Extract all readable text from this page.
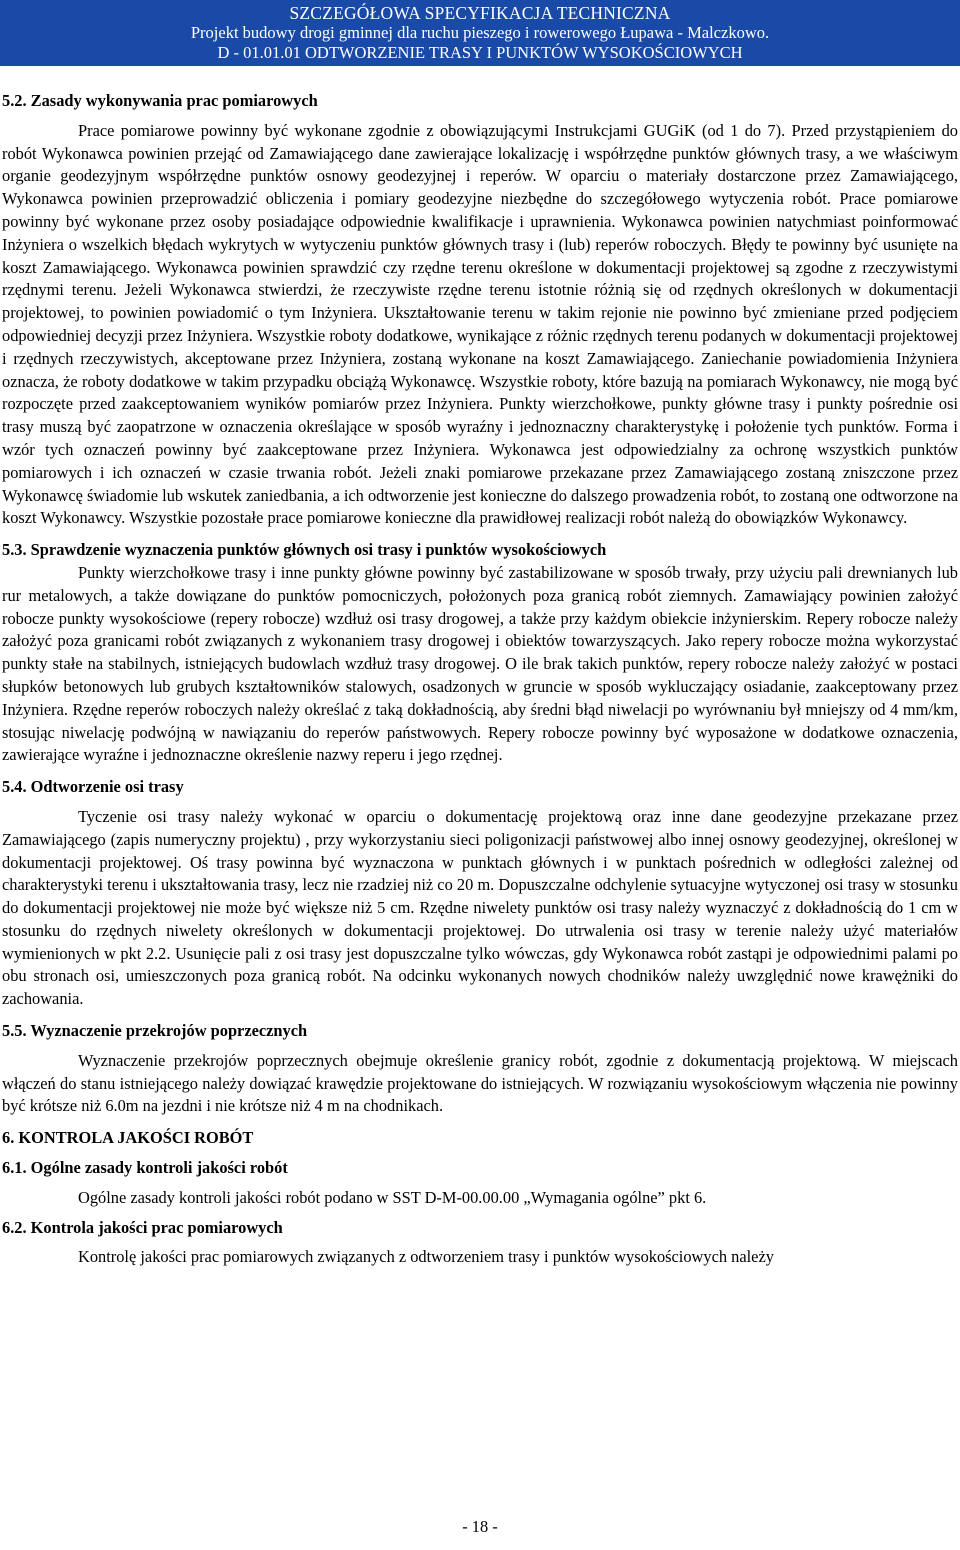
SZCZEGÓŁOWA SPECYFIKACJA TECHNICZNA
Projekt budowy drogi gminnej dla ruchu pieszego i rowerowego Łupawa - Malczkowo.
D - 01.01.01 ODTWORZENIE TRASY I PUNKTÓW WYSOKOŚCIOWYCH
5.2. Zasady wykonywania prac pomiarowych
Prace pomiarowe powinny być wykonane zgodnie z obowiązującymi Instrukcjami GUGiK (od 1 do 7). Przed przystąpieniem do robót Wykonawca powinien przejąć od Zamawiającego dane zawierające lokalizację i współrzędne punktów głównych trasy, a we właściwym organie geodezyjnym współrzędne punktów osnowy geodezyjnej i reperów. W oparciu o materiały dostarczone przez Zamawiającego, Wykonawca powinien przeprowadzić obliczenia i pomiary geodezyjne niezbędne do szczegółowego wytyczenia robót. Prace pomiarowe powinny być wykonane przez osoby posiadające odpowiednie kwalifikacje i uprawnienia. Wykonawca powinien natychmiast poinformować Inżyniera o wszelkich błędach wykrytych w wytyczeniu punktów głównych trasy i (lub) reperów roboczych. Błędy te powinny być usunięte na koszt Zamawiającego. Wykonawca powinien sprawdzić czy rzędne terenu określone w dokumentacji projektowej są zgodne z rzeczywistymi rzędnymi terenu. Jeżeli Wykonawca stwierdzi, że rzeczywiste rzędne terenu istotnie różnią się od rzędnych określonych w dokumentacji projektowej, to powinien powiadomić o tym Inżyniera. Ukształtowanie terenu w takim rejonie nie powinno być zmieniane przed podjęciem odpowiedniej decyzji przez Inżyniera. Wszystkie roboty dodatkowe, wynikające z różnic rzędnych terenu podanych w dokumentacji projektowej i rzędnych rzeczywistych, akceptowane przez Inżyniera, zostaną wykonane na koszt Zamawiającego. Zaniechanie powiadomienia Inżyniera oznacza, że roboty dodatkowe w takim przypadku obciążą Wykonawcę. Wszystkie roboty, które bazują na pomiarach Wykonawcy, nie mogą być rozpoczęte przed zaakceptowaniem wyników pomiarów przez Inżyniera. Punkty wierzchołkowe, punkty główne trasy i punkty pośrednie osi trasy muszą być zaopatrzone w oznaczenia określające w sposób wyraźny i jednoznaczny charakterystykę i położenie tych punktów. Forma i wzór tych oznaczeń powinny być zaakceptowane przez Inżyniera. Wykonawca jest odpowiedzialny za ochronę wszystkich punktów pomiarowych i ich oznaczeń w czasie trwania robót. Jeżeli znaki pomiarowe przekazane przez Zamawiającego zostaną zniszczone przez Wykonawcę świadomie lub wskutek zaniedbania, a ich odtworzenie jest konieczne do dalszego prowadzenia robót, to zostaną one odtworzone na koszt Wykonawcy. Wszystkie pozostałe prace pomiarowe konieczne dla prawidłowej realizacji robót należą do obowiązków Wykonawcy.
5.3. Sprawdzenie wyznaczenia punktów głównych osi trasy i punktów wysokościowych
Punkty wierzchołkowe trasy i inne punkty główne powinny być zastabilizowane w sposób trwały, przy użyciu pali drewnianych lub rur metalowych, a także dowiązane do punktów pomocniczych, położonych poza granicą robót ziemnych. Zamawiający powinien założyć robocze punkty wysokościowe (repery robocze) wzdłuż osi trasy drogowej, a także przy każdym obiekcie inżynierskim. Repery robocze należy założyć poza granicami robót związanych z wykonaniem trasy drogowej i obiektów towarzyszących. Jako repery robocze można wykorzystać punkty stałe na stabilnych, istniejących budowlach wzdłuż trasy drogowej. O ile brak takich punktów, repery robocze należy założyć w postaci słupków betonowych lub grubych kształtowników stalowych, osadzonych w gruncie w sposób wykluczający osiadanie, zaakceptowany przez Inżyniera. Rzędne reperów roboczych należy określać z taką dokładnością, aby średni błąd niwelacji po wyrównaniu był mniejszy od 4 mm/km, stosując niwelację podwójną w nawiązaniu do reperów państwowych. Repery robocze powinny być wyposażone w dodatkowe oznaczenia, zawierające wyraźne i jednoznaczne określenie nazwy reperu i jego rzędnej.
5.4. Odtworzenie osi trasy
Tyczenie osi trasy należy wykonać w oparciu o dokumentację projektową oraz inne dane geodezyjne przekazane przez Zamawiającego (zapis numeryczny projektu) , przy wykorzystaniu sieci poligonizacji państwowej albo innej osnowy geodezyjnej, określonej w dokumentacji projektowej. Oś trasy powinna być wyznaczona w punktach głównych i w punktach pośrednich w odległości zależnej od charakterystyki terenu i ukształtowania trasy, lecz nie rzadziej niż co 20 m. Dopuszczalne odchylenie sytuacyjne wytyczonej osi trasy w stosunku do dokumentacji projektowej nie może być większe niż 5 cm. Rzędne niwelety punktów osi trasy należy wyznaczyć z dokładnością do 1 cm w stosunku do rzędnych niwelety określonych w dokumentacji projektowej. Do utrwalenia osi trasy w terenie należy użyć materiałów wymienionych w pkt 2.2. Usunięcie pali z osi trasy jest dopuszczalne tylko wówczas, gdy Wykonawca robót zastąpi je odpowiednimi palami po obu stronach osi, umieszczonych poza granicą robót. Na odcinku wykonanych nowych chodników należy uwzględnić nowe krawężniki do zachowania.
5.5. Wyznaczenie przekrojów poprzecznych
Wyznaczenie przekrojów poprzecznych obejmuje określenie granicy robót, zgodnie z dokumentacją projektową. W miejscach włączeń do stanu istniejącego należy dowiązać krawędzie projektowane do istniejących. W rozwiązaniu wysokościowym włączenia nie powinny być krótsze niż 6.0m na jezdni i nie krótsze niż 4 m na chodnikach.
6. KONTROLA JAKOŚCI ROBÓT
6.1. Ogólne zasady kontroli jakości robót
Ogólne zasady kontroli jakości robót podano w SST D-M-00.00.00 „Wymagania ogólne” pkt 6.
6.2. Kontrola jakości prac pomiarowych
Kontrolę jakości prac pomiarowych związanych z odtworzeniem trasy i punktów wysokościowych należy
- 18 -
